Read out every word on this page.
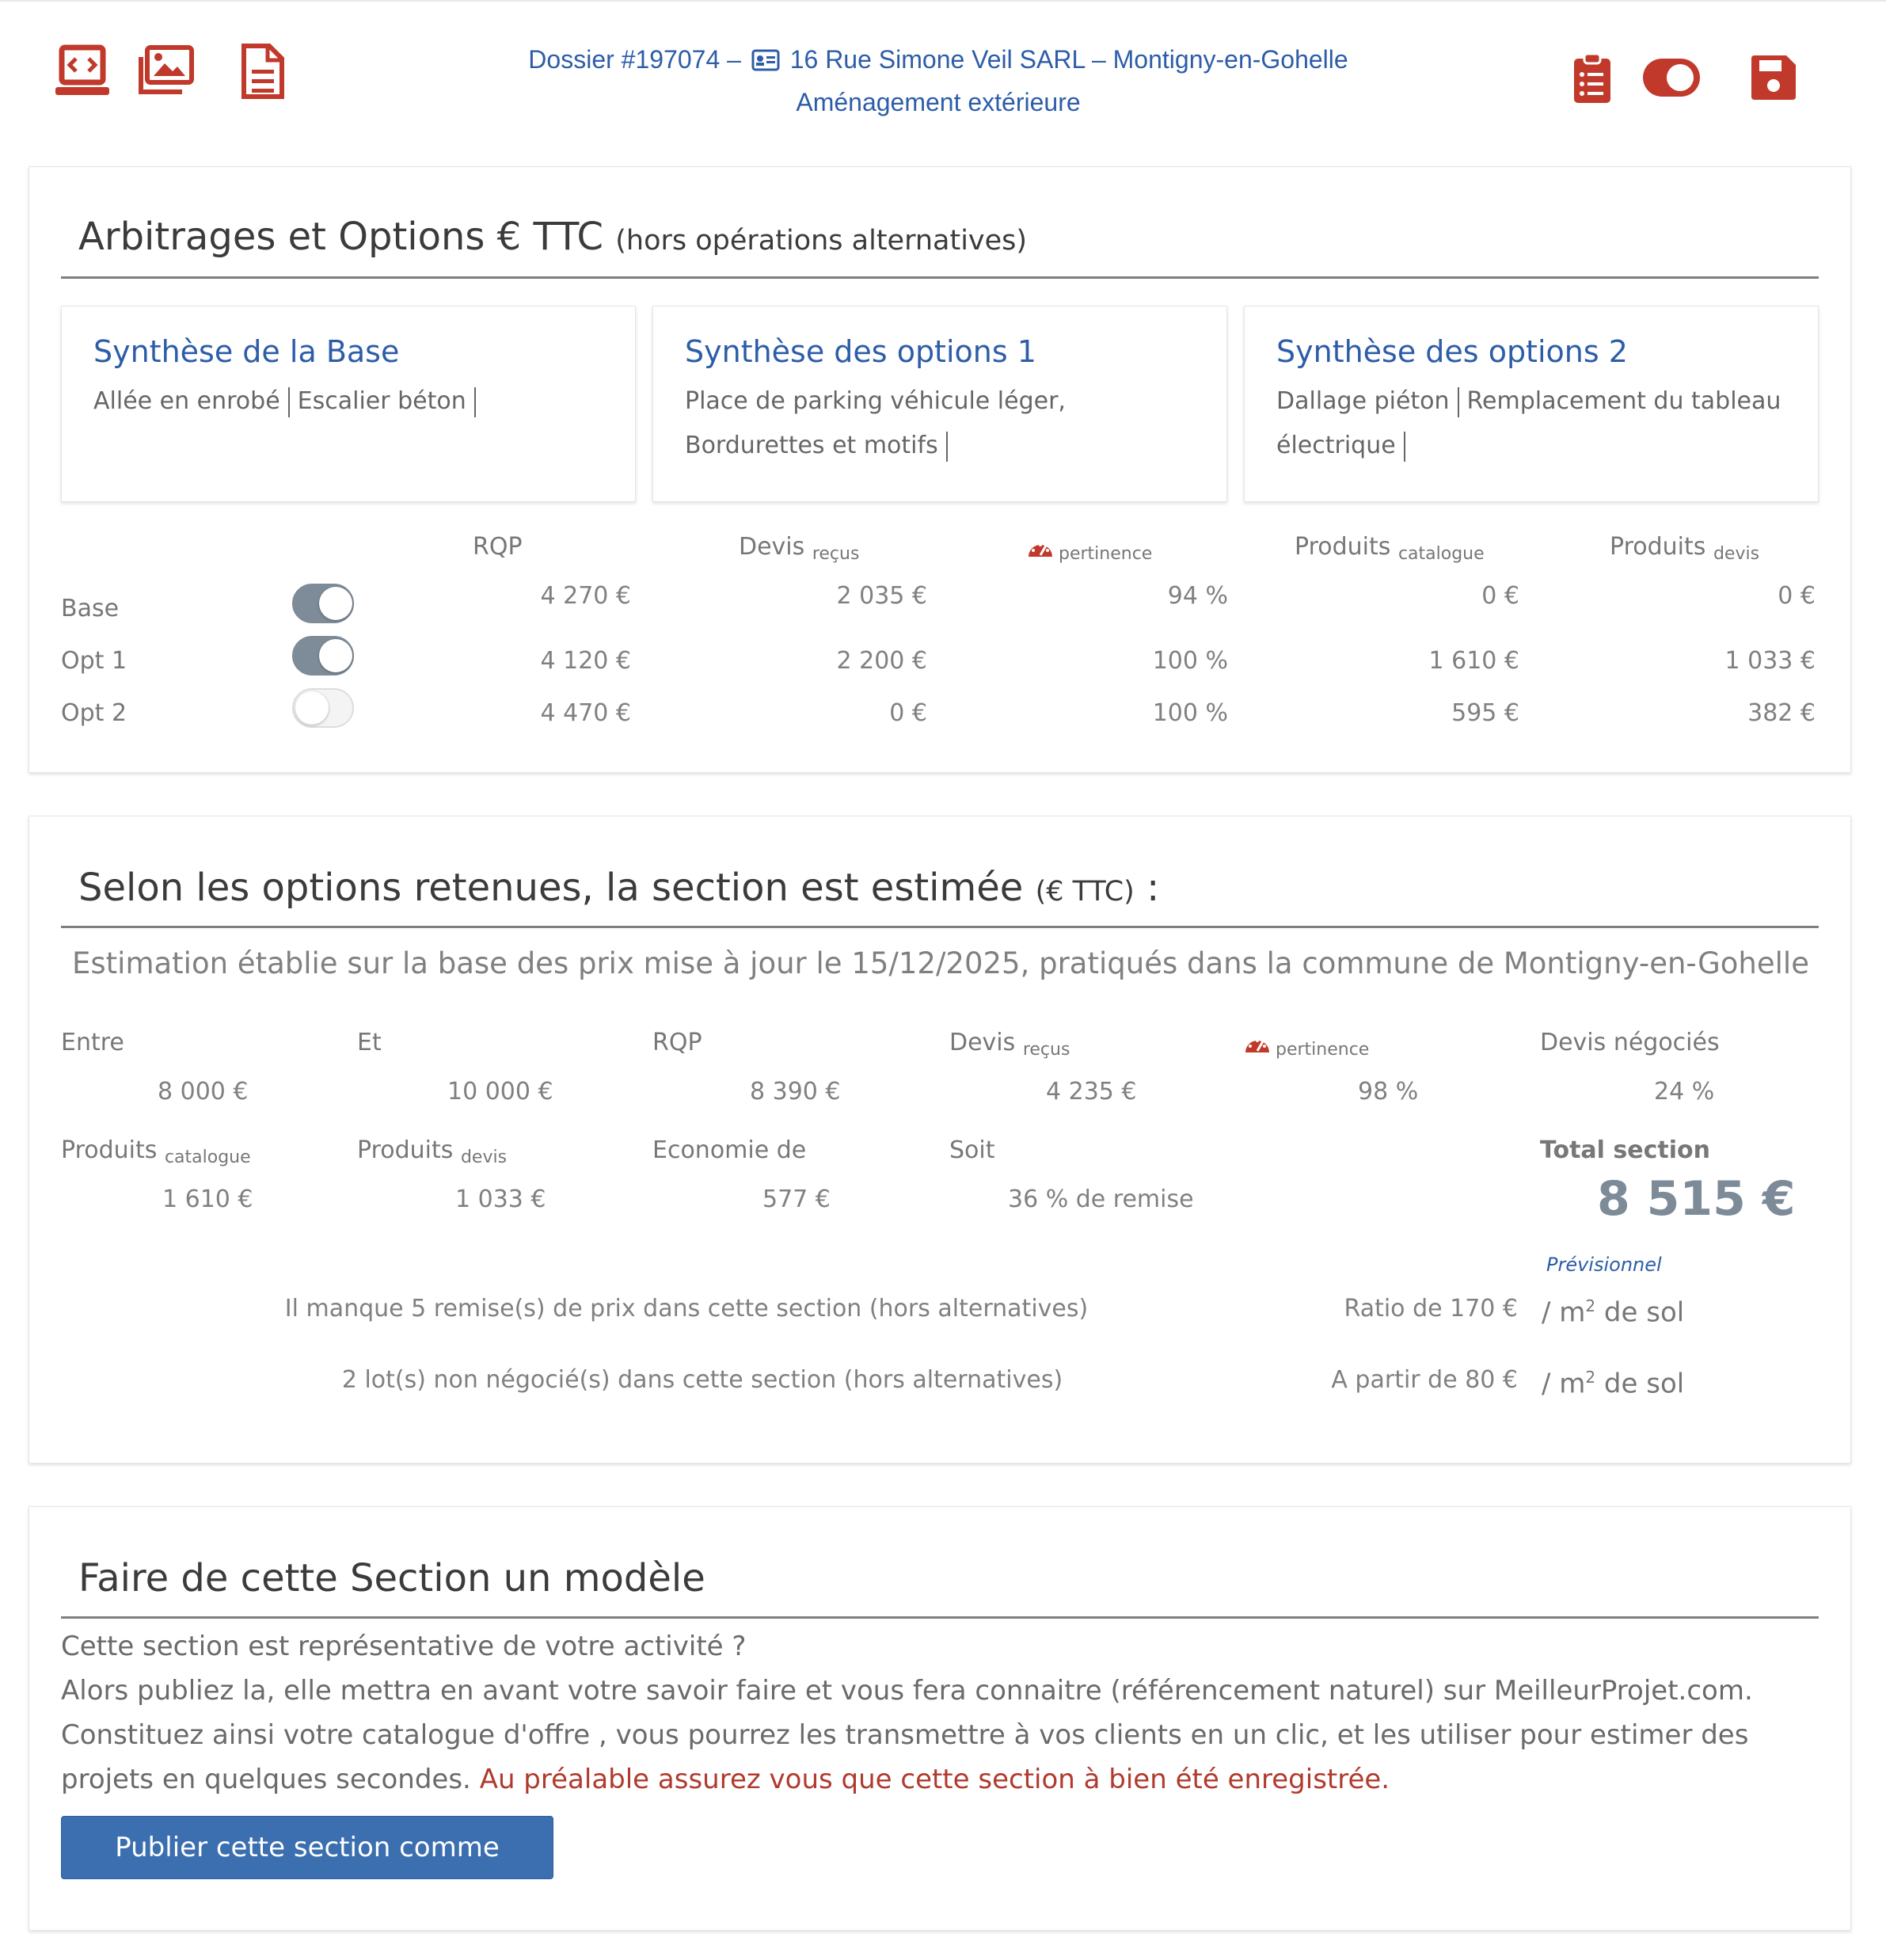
Dossier #197074 – 16 Rue Simone Veil SARL – Montigny-en-Gohelle
Aménagement extérieure
Arbitrages et Options € TTC (hors opérations alternatives)
Synthèse de la Base
Allée en enrobé Escalier béton
Synthèse des options 1
Place de parking véhicule léger, Bordurettes et motifs
Synthèse des options 2
Dallage piéton Remplacement du tableau électrique
RQP	Devis $_{reçus}$	$_{pertinence}$	Produits $_{catalogue}$	Produits $_{devis}$
Base	4 270 €	2 035 €	94 %	0 €	0 €
Opt 1	4 120 €	2 200 €	100 %	1 610 €	1 033 €
Opt 2	4 470 €	0 €	100 %	595 €	382 €
Selon les options retenues, la section est estimée (€ TTC) :
Estimation établie sur la base des prix mise à jour le 15/12/2025, pratiqués dans la commune de Montigny-en-Gohelle
Entre	Et	RQP	Devis $_{reçus}$	$_{pertinence}$	Devis négociés
8 000 €	10 000 €	8 390 €	4 235 €	98 %	24 %
Produits $_{catalogue}$	Produits $_{devis}$	Economie de	Soit	Total section
1 610 €	1 033 €	577 €	36 % de remise	8 515 €
Prévisionnel
Il manque 5 remise(s) de prix dans cette section (hors alternatives)	Ratio de 170 € / $m^2$ de sol
2 lot(s) non négocié(s) dans cette section (hors alternatives)	A partir de 80 € / $m^2$ de sol
Faire de cette Section un modèle
Cette section est représentative de votre activité ?
Alors publiez la, elle mettra en avant votre savoir faire et vous fera connaitre (référencement naturel) sur MeilleurProjet.com.
Constituez ainsi votre catalogue d'offre , vous pourrez les transmettre à vos clients en un clic, et les utiliser pour estimer des projets en quelques secondes. Au préalable assurez vous que cette section à bien été enregistrée.
Publier cette section comme modèle
